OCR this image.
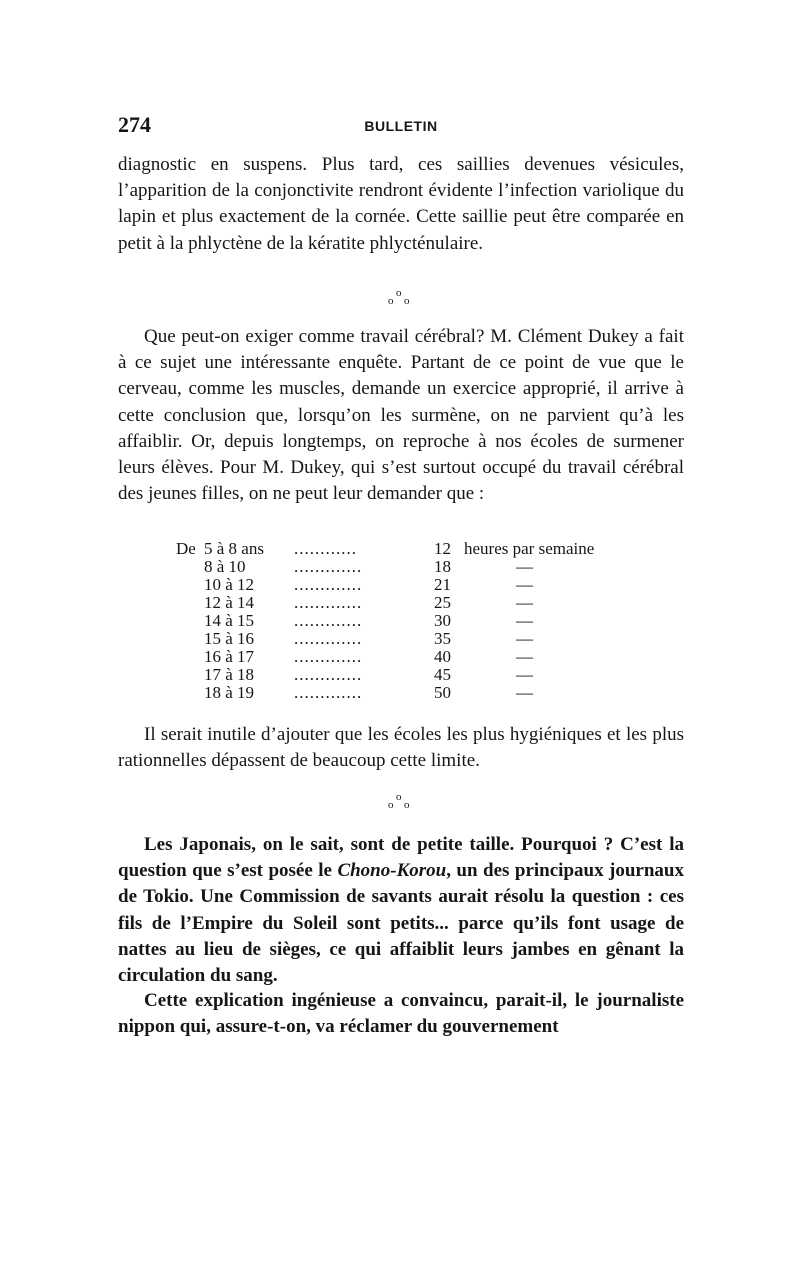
274	BULLETIN

diagnostic en suspens. Plus tard, ces saillies devenues vésicules, l’apparition de la conjonctivite rendront évidente l’infection variolique du lapin et plus exactement de la cornée. Cette saillie peut être comparée en petit à la phlyctène de la kératite phlycténulaire.

o
o o

Que peut-on exiger comme travail cérébral? M. Clément Dukey a fait à ce sujet une intéressante enquête. Partant de ce point de vue que le cerveau, comme les muscles, demande un exercice approprié, il arrive à cette conclusion que, lorsqu’on les surmène, on ne parvient qu’à les affaiblir. Or, depuis longtemps, on reproche à nos écoles de surmener leurs élèves. Pour M. Dukey, qui s’est surtout occupé du travail cérébral des jeunes filles, on ne peut leur demander que :

De 5 à 8 ans ............	12 heures par semaine
8 à 10	.............	18	—
10 à 12 .............	21	—
12 à 14 .............	25	—
14 à 15 .............	30	—
15 à 16 .............	35	—
16 à 17 .............	40	—
17 à 18 .............	45	—
18 à 19 .............	50	—

Il serait inutile d’ajouter que les écoles les plus hygiéniques et les plus rationnelles dépassent de beaucoup cette limite.

o
o o

Les Japonais, on le sait, sont de petite taille. Pourquoi ? C’est la question que s’est posée le Chono-Korou, un des principaux journaux de Tokio. Une Commission de savants aurait résolu la question : ces fils de l’Empire du Soleil sont petits... parce qu’ils font usage de nattes au lieu de sièges, ce qui affaiblit leurs jambes en gênant la circulation du sang.

Cette explication ingénieuse a convaincu, parait-il, le journaliste nippon qui, assure-t-on, va réclamer du gouvernement
